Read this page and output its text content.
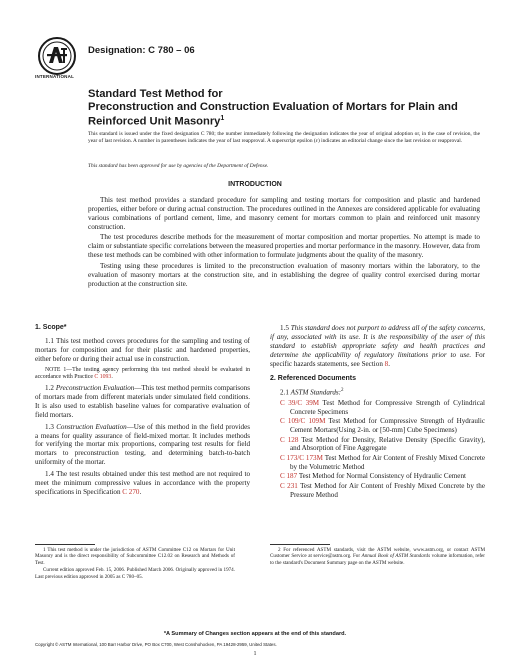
INTERNATIONAL
Designation: C 780 – 06
Standard Test Method for
Preconstruction and Construction Evaluation of Mortars for Plain and Reinforced Unit Masonry$^1$
This standard is issued under the fixed designation C 780; the number immediately following the designation indicates the year of original adoption or, in the case of revision, the year of last revision. A number in parentheses indicates the year of last reapproval. A superscript epsilon (ε) indicates an editorial change since the last revision or reapproval.
This standard has been approved for use by agencies of the Department of Defense.
INTRODUCTION

This test method provides a standard procedure for sampling and testing mortars for composition and plastic and hardened properties, either before or during actual construction. The procedures outlined in the Annexes are considered applicable for evaluating various combinations of portland cement, lime, and masonry cement for mortars common to plain and reinforced unit masonry construction.

The test procedures describe methods for the measurement of mortar composition and mortar properties. No attempt is made to claim or substantiate specific correlations between the measured properties and mortar performance in the masonry. However, data from these test methods can be combined with other information to formulate judgments about the quality of the masonry.

Testing using these procedures is limited to the preconstruction evaluation of masonry mortars within the laboratory, to the evaluation of masonry mortars at the construction site, and in establishing the degree of quality control exercised during mortar production at the construction site.

1. Scope*

1.1 This test method covers procedures for the sampling and testing of mortars for composition and for their plastic and hardened properties, either before or during their actual use in construction.

NOTE 1—The testing agency performing this test method should be evaluated in accordance with Practice C 1093.

1.2 Preconstruction Evaluation—This test method permits comparisons of mortars made from different materials under simulated field conditions. It is also used to establish baseline values for comparative evaluation of field mortars.

1.3 Construction Evaluation—Use of this method in the field provides a means for quality assurance of field-mixed mortar. It includes methods for verifying the mortar mix proportions, comparing test results for field mortars to preconstruction testing, and determining batch-to-batch uniformity of the mortar.

1.4 The test results obtained under this test method are not required to meet the minimum compressive values in accordance with the property specifications in Specification C 270.

1.5 This standard does not purport to address all of the safety concerns, if any, associated with its use. It is the responsibility of the user of this standard to establish appropriate safety and health practices and determine the applicability of regulatory limitations prior to use. For specific hazards statements, see Section 8.

2. Referenced Documents
2.1 ASTM Standards:$^2$
C 39/C 39M Test Method for Compressive Strength of Cylindrical Concrete Specimens
C 109/C 109M Test Method for Compressive Strength of Hydraulic Cement Mortars(Using 2-in. or [50-mm] Cube Specimens)
C 128 Test Method for Density, Relative Density (Specific Gravity), and Absorption of Fine Aggregate
C 173/C 173M Test Method for Air Content of Freshly Mixed Concrete by the Volumetric Method
C 187 Test Method for Normal Consistency of Hydraulic Cement
C 231 Test Method for Air Content of Freshly Mixed Concrete by the Pressure Method

1 This test method is under the jurisdiction of ASTM Committee C12 on Mortars for Unit Masonry and is the direct responsibility of Subcommittee C12.02 on Research and Methods of Test.

Current edition approved Feb. 15, 2006. Published March 2006. Originally approved in 1974. Last previous edition approved in 2005 as C 780–05.

2 For referenced ASTM standards, visit the ASTM website, www.astm.org, or contact ASTM Customer Service at service@astm.org. For Annual Book of ASTM Standards volume information, refer to the standard's Document Summary page on the ASTM website.

*A Summary of Changes section appears at the end of this standard.
Copyright © ASTM International, 100 Barr Harbor Drive, PO Box C700, West Conshohocken, PA 19428-2959, United States.
1
